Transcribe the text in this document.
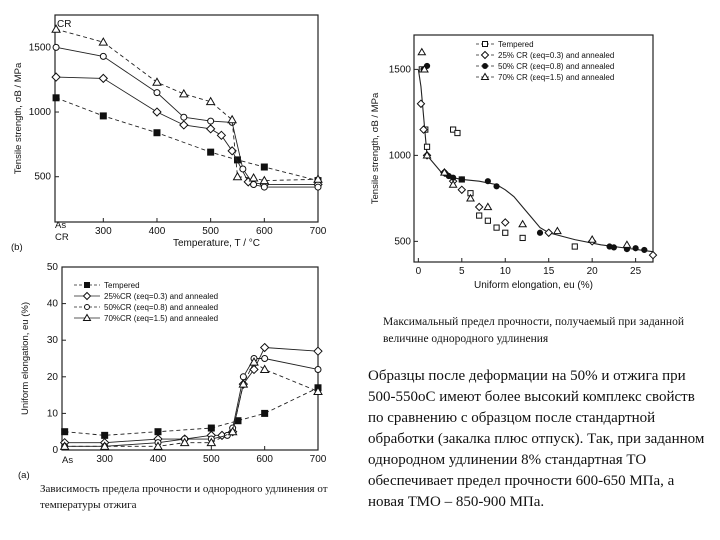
300	400	500	600	700
500
1000
1500
Tensile strength, σB / MPa
Temperature, T / °C
(b)
CR
As
CR
300	400	500	600	700
0
10
20
30
40
50
Uniform elongation, eu (%)
(a)
As
Tempered
25%CR (εeq=0.3) and annealed
50%CR (εeq=0.8) and annealed
70%CR (εeq=1.5) and annealed
0	5	10	15	20	25
500
1000
1500
Tensile strength, σB / MPa
Uniform elongation, eu (%)
Tempered
25% CR (εeq=0.3) and annealed
50% CR (εeq=0.8) and annealed
70% CR (εeq=1.5) and annealed
Максимальный предел прочности, получаемый при заданной величине однородного удлинения
Зависимость предела прочности и однородного удлинения от температуры отжига
Образцы после деформации на 50% и отжига при 500-550оС имеют более высокий комплекс свойств по сравнению с образцом после стандартной обработки (закалка плюс отпуск). Так, при заданном однородном удлинении 8% стандартная ТО обеспечивает предел прочности 600-650 МПа, а новая ТМО – 850-900 МПа.
